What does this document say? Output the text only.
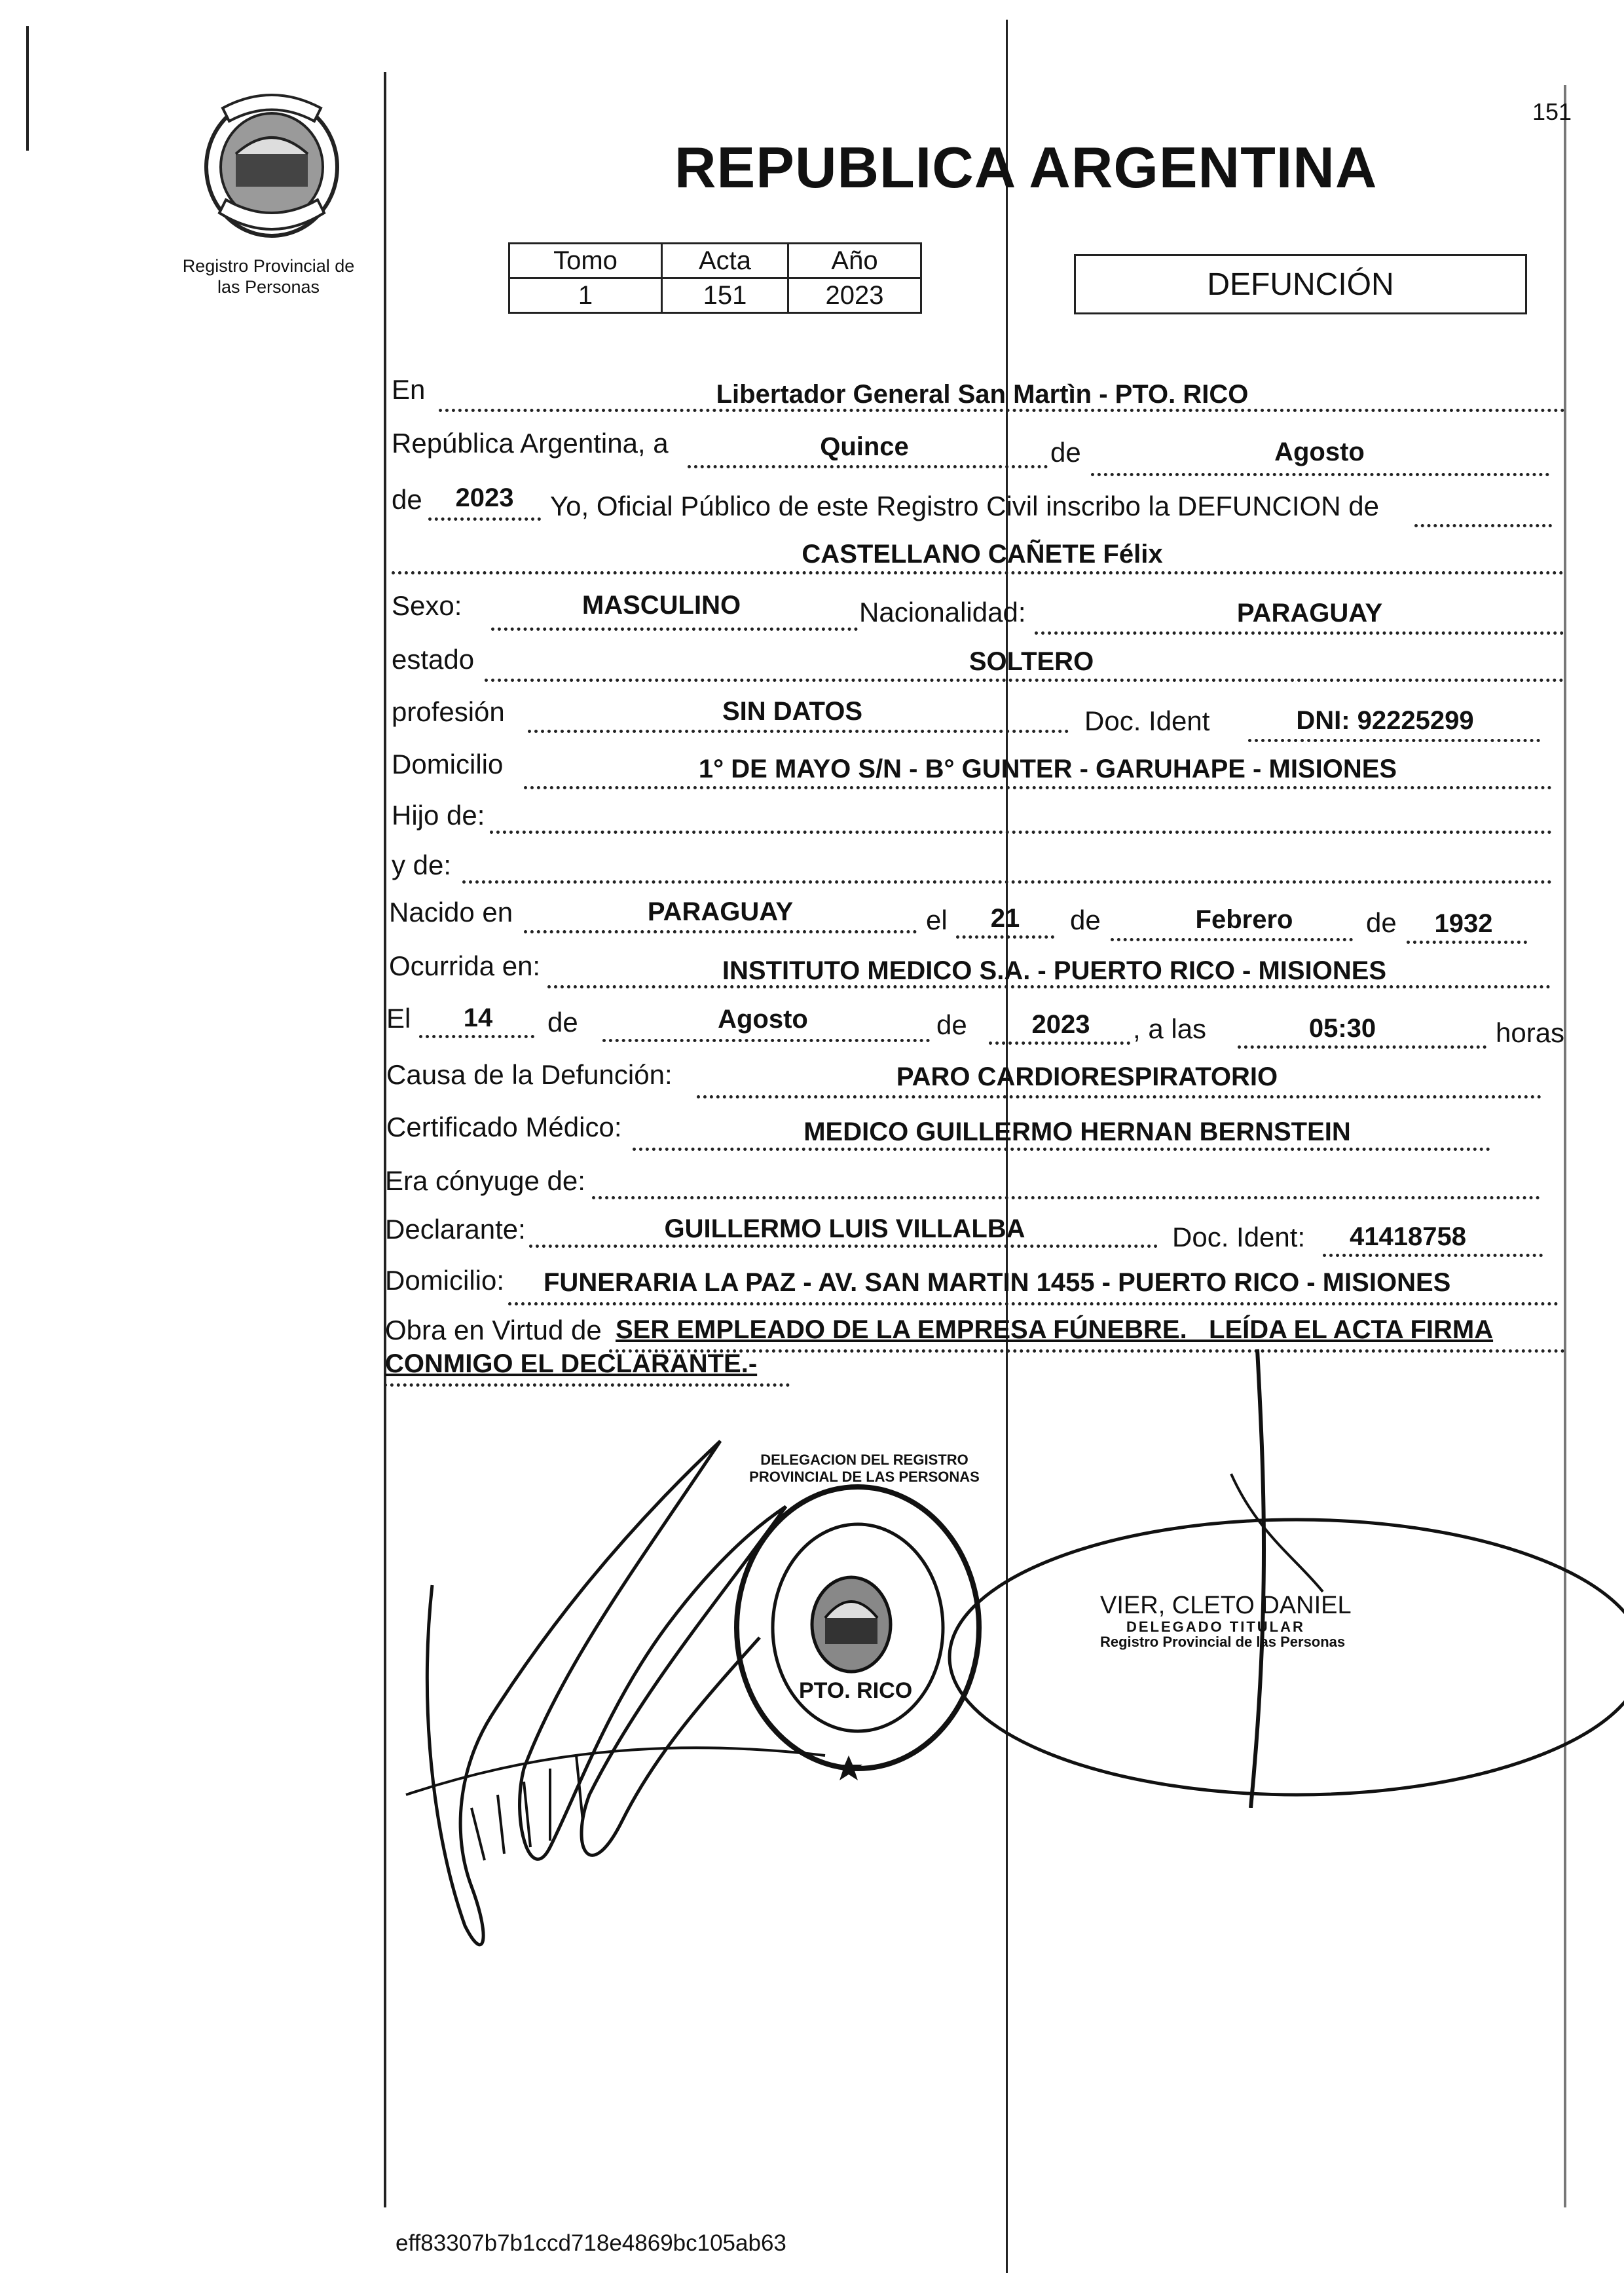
151
Registro Provincial de
las Personas
REPUBLICA ARGENTINA
Tomo	Acta	Año
1	151	2023	DEFUNCIÓN
En	Libertador General San Martìn - PTO. RICO
República Argentina, a	Quince	de	Agosto
de	2023	Yo, Oficial Público de este Registro Civil inscribo la DEFUNCION de
CASTELLANO CAÑETE Félix
Sexo:	MASCULINO	Nacionalidad:	PARAGUAY
estado	SOLTERO
profesión	SIN DATOS	Doc. Ident	DNI: 92225299
Domicilio	1° DE MAYO S/N - B° GUNTER - GARUHAPE - MISIONES
Hijo de:
y de:
Nacido en	PARAGUAY	el	21	de	Febrero	de	1932
Ocurrida en:	INSTITUTO MEDICO S.A. - PUERTO RICO - MISIONES
El	14	de	Agosto	de	2023	, a las	05:30	horas
Causa de la Defunción:	PARO CARDIORESPIRATORIO
Certificado Médico:	MEDICO GUILLERMO HERNAN BERNSTEIN
Era cónyuge de:
Declarante:	GUILLERMO LUIS VILLALBA	Doc. Ident:	41418758
Domicilio: FUNERARIA LA PAZ - AV. SAN MARTIN 1455 - PUERTO RICO - MISIONES
Obra en Virtud de SER EMPLEADO DE LA EMPRESA FÚNEBRE._ LEÍDA EL ACTA FIRMA
CONMIGO EL DECLARANTE.-
DELEGACION DEL REGISTRO PROVINCIAL DE LAS PERSONAS
PTO. RICO
VIER, CLETO DANIEL
DELEGADO TITULAR
Registro Provincial de las Personas
eff83307b7b1ccd718e4869bc105ab63
